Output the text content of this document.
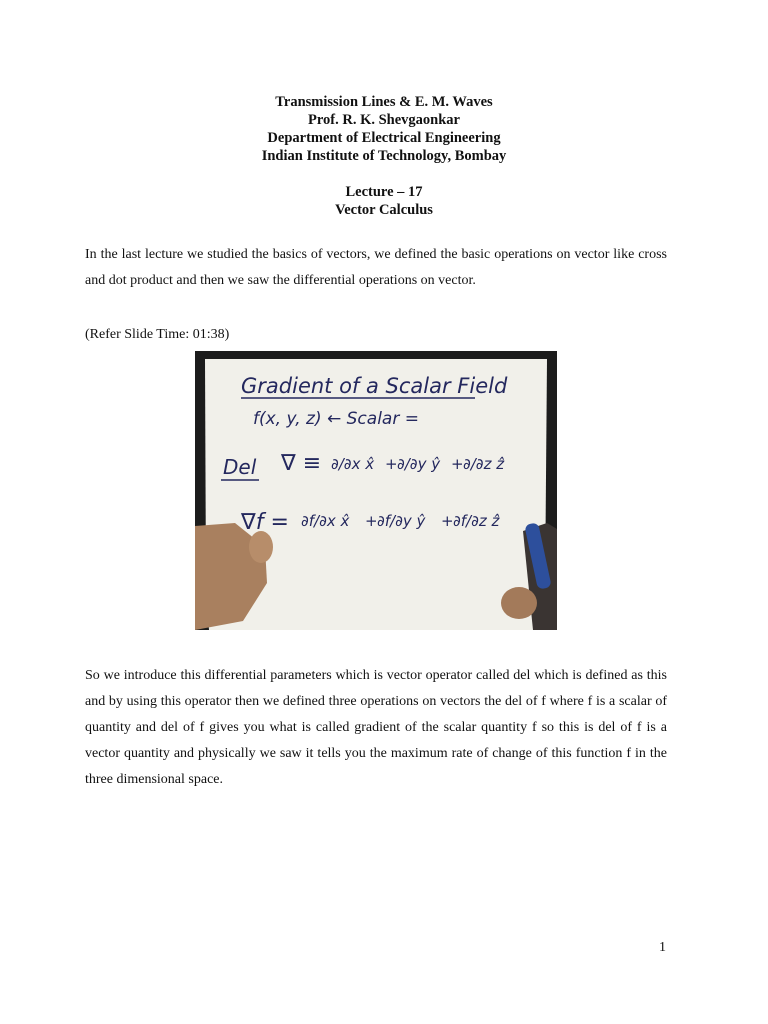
Transmission Lines & E. M. Waves
Prof. R. K. Shevgaonkar
Department of Electrical Engineering
Indian Institute of Technology, Bombay
Lecture – 17
Vector Calculus

In the last lecture we studied the basics of vectors, we defined the basic operations on vector like cross and dot product and then we saw the differential operations on vector.

(Refer Slide Time: 01:38)

Gradient of a Scalar Field
f(x, y, z) ← Scalar =
Del ∇ ≡ ∂/∂x x̂ + ∂/∂y ŷ + ∂/∂z ẑ
∇f = ∂f/∂x x̂ + ∂f/∂y ŷ + ∂f/∂z ẑ

So we introduce this differential parameters which is vector operator called del which is defined as this and by using this operator then we defined three operations on vectors the del of f where f is a scalar of quantity and del of f gives you what is called gradient of the scalar quantity f so this is del of f is a vector quantity and physically we saw it tells you the maximum rate of change of this function f in the three dimensional space.

1
